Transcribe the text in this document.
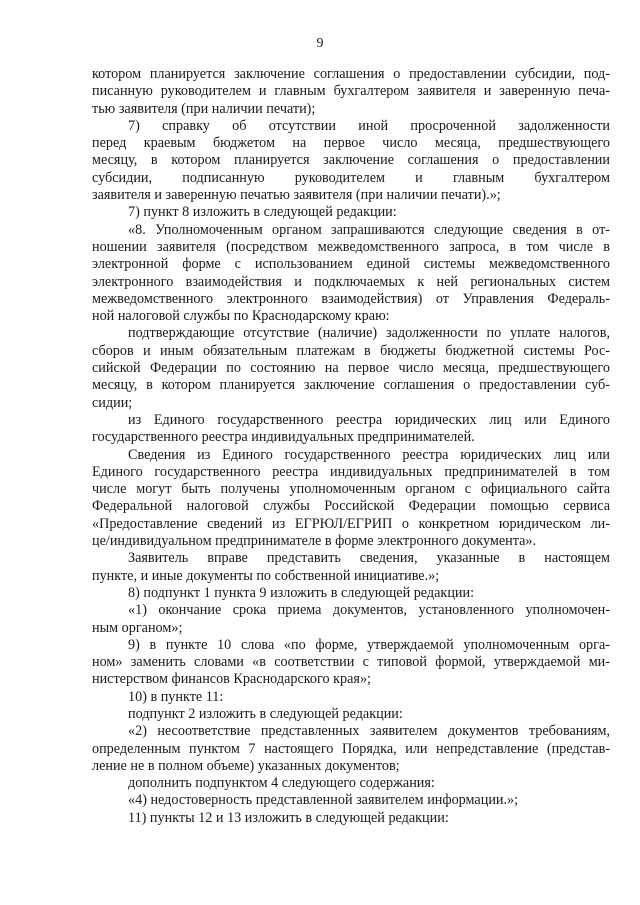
9
котором планируется заключение соглашения о предоставлении субсидии, под-
писанную руководителем и главным бухгалтером заявителя и заверенную печа-
тью заявителя (при наличии печати);
7) справку об отсутствии иной просроченной задолженности
перед краевым бюджетом на первое число месяца, предшествующего
месяцу, в котором планируется заключение соглашения о предоставлении
субсидии, подписанную руководителем и главным бухгалтером
заявителя и заверенную печатью заявителя (при наличии печати).»;
7) пункт 8 изложить в следующей редакции:
«8. Уполномоченным органом запрашиваются следующие сведения в от-
ношении заявителя (посредством межведомственного запроса, в том числе в
электронной форме с использованием единой системы межведомственного
электронного взаимодействия и подключаемых к ней региональных систем
межведомственного электронного взаимодействия) от Управления Федераль-
ной налоговой службы по Краснодарскому краю:
подтверждающие отсутствие (наличие) задолженности по уплате налогов,
сборов и иным обязательным платежам в бюджеты бюджетной системы Рос-
сийской Федерации по состоянию на первое число месяца, предшествующего
месяцу, в котором планируется заключение соглашения о предоставлении суб-
сидии;
из Единого государственного реестра юридических лиц или Единого
государственного реестра индивидуальных предпринимателей.
Сведения из Единого государственного реестра юридических лиц или
Единого государственного реестра индивидуальных предпринимателей в том
числе могут быть получены уполномоченным органом с официального сайта
Федеральной налоговой службы Российской Федерации помощью сервиса
«Предоставление сведений из ЕГРЮЛ/ЕГРИП о конкретном юридическом ли-
це/индивидуальном предпринимателе в форме электронного документа».
Заявитель вправе представить сведения, указанные в настоящем
пункте, и иные документы по собственной инициативе.»;
8) подпункт 1 пункта 9 изложить в следующей редакции:
«1) окончание срока приема документов, установленного уполномочен-
ным органом»;
9) в пункте 10 слова «по форме, утверждаемой уполномоченным орга-
ном» заменить словами «в соответствии с типовой формой, утверждаемой ми-
нистерством финансов Краснодарского края»;
10) в пункте 11:
подпункт 2 изложить в следующей редакции:
«2) несоответствие представленных заявителем документов требованиям,
определенным пунктом 7 настоящего Порядка, или непредставление (представ-
ление не в полном объеме) указанных документов;
дополнить подпунктом 4 следующего содержания:
«4) недостоверность представленной заявителем информации.»;
11) пункты 12 и 13 изложить в следующей редакции:
